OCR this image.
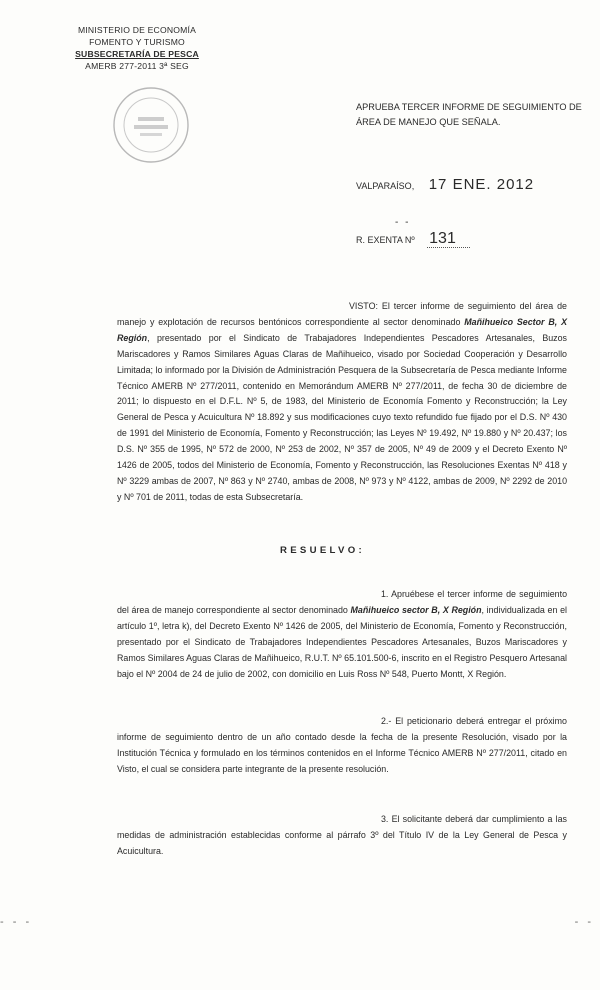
MINISTERIO DE ECONOMÍA
FOMENTO Y TURISMO
SUBSECRETARÍA DE PESCA
AMERB 277-2011 3ª SEG
APRUEBA TERCER INFORME DE SEGUIMIENTO DE ÁREA DE MANEJO QUE SEÑALA.
VALPARAÍSO, 17 ENE. 2012
- -
R. EXENTA Nº 131
VISTO: El tercer informe de seguimiento del área de manejo y explotación de recursos bentónicos correspondiente al sector denominado Mañihueico Sector B, X Región, presentado por el Sindicato de Trabajadores Independientes Pescadores Artesanales, Buzos Mariscadores y Ramos Similares Aguas Claras de Mañihueico, visado por Sociedad Cooperación y Desarrollo Limitada; lo informado por la División de Administración Pesquera de la Subsecretaría de Pesca mediante Informe Técnico AMERB Nº 277/2011, contenido en Memorándum AMERB Nº 277/2011, de fecha 30 de diciembre de 2011; lo dispuesto en el D.F.L. Nº 5, de 1983, del Ministerio de Economía Fomento y Reconstrucción; la Ley General de Pesca y Acuicultura Nº 18.892 y sus modificaciones cuyo texto refundido fue fijado por el D.S. Nº 430 de 1991 del Ministerio de Economía, Fomento y Reconstrucción; las Leyes Nº 19.492, Nº 19.880 y Nº 20.437; los D.S. Nº 355 de 1995, Nº 572 de 2000, Nº 253 de 2002, Nº 357 de 2005, Nº 49 de 2009 y el Decreto Exento Nº 1426 de 2005, todos del Ministerio de Economía, Fomento y Reconstrucción, las Resoluciones Exentas Nº 418 y Nº 3229 ambas de 2007, Nº 863 y Nº 2740, ambas de 2008, Nº 973 y Nº 4122, ambas de 2009, Nº 2292 de 2010 y Nº 701 de 2011, todas de esta Subsecretaría.
RESUELVO:
1. Apruébese el tercer informe de seguimiento del área de manejo correspondiente al sector denominado Mañihueico sector B, X Región, individualizada en el artículo 1º, letra k), del Decreto Exento Nº 1426 de 2005, del Ministerio de Economía, Fomento y Reconstrucción, presentado por el Sindicato de Trabajadores Independientes Pescadores Artesanales, Buzos Mariscadores y Ramos Similares Aguas Claras de Mañihueico, R.U.T. Nº 65.101.500-6, inscrito en el Registro Pesquero Artesanal bajo el Nº 2004 de 24 de julio de 2002, con domicilio en Luis Ross Nº 548, Puerto Montt, X Región.
2.- El peticionario deberá entregar el próximo informe de seguimiento dentro de un año contado desde la fecha de la presente Resolución, visado por la Institución Técnica y formulado en los términos contenidos en el Informe Técnico AMERB Nº 277/2011, citado en Visto, el cual se considera parte integrante de la presente resolución.
3. El solicitante deberá dar cumplimiento a las medidas de administración establecidas conforme al párrafo 3º del Título IV de la Ley General de Pesca y Acuicultura.
- - -	- -
